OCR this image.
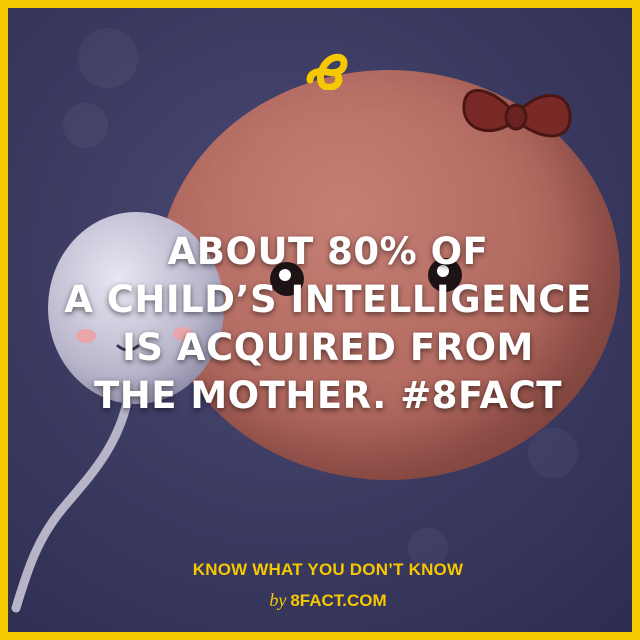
ABOUT 80% OF
A CHILD’S INTELLIGENCE
IS ACQUIRED FROM
THE MOTHER. #8FACT
KNOW WHAT YOU DON’T KNOW
by 8FACT.COM
